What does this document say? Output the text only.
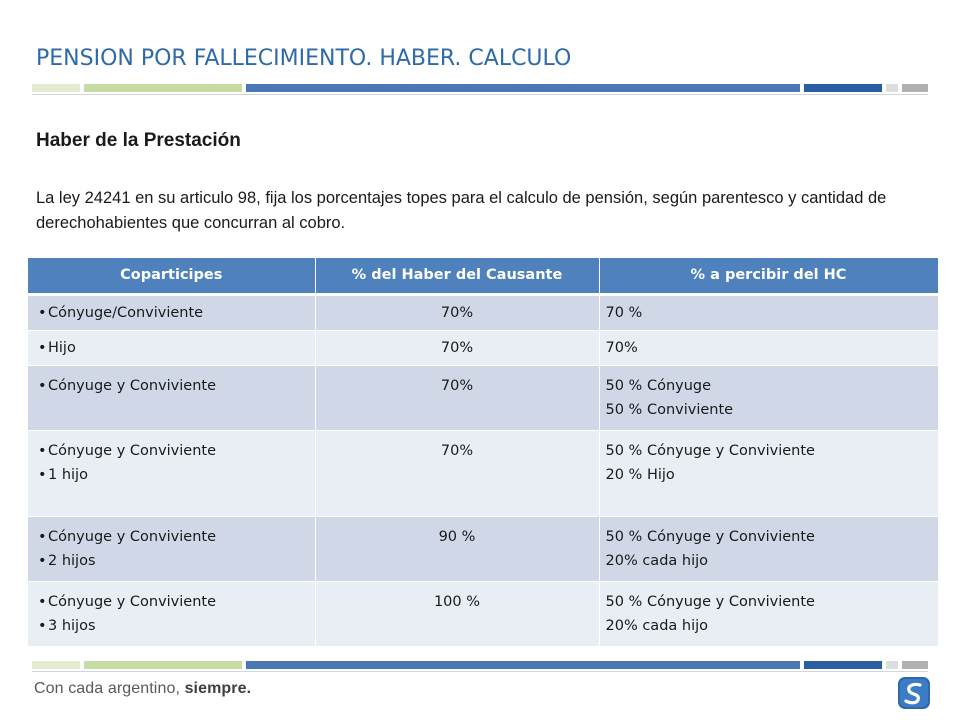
PENSION POR FALLECIMIENTO. HABER. CALCULO
Haber de la Prestación
La ley 24241 en su articulo 98, fija los porcentajes topes para el calculo de pensión, según parentesco y cantidad de derechohabientes que concurran al cobro.
Coparticipes	% del Haber del Causante	% a percibir del HC

•Cónyuge/Conviviente	70%	70 %

•Hijo	70%	70%

•Cónyuge y Conviviente	70%	50 % Cónyuge
50 % Conviviente

•Cónyuge y Conviviente
•1 hijo	70%	50 % Cónyuge y Conviviente
20 % Hijo

•Cónyuge y Conviviente
•2 hijos	90 %	50 % Cónyuge y Conviviente
20% cada hijo

•Cónyuge y Conviviente
•3 hijos	100 %	50 % Cónyuge y Conviviente
20% cada hijo
Con cada argentino, siempre.
